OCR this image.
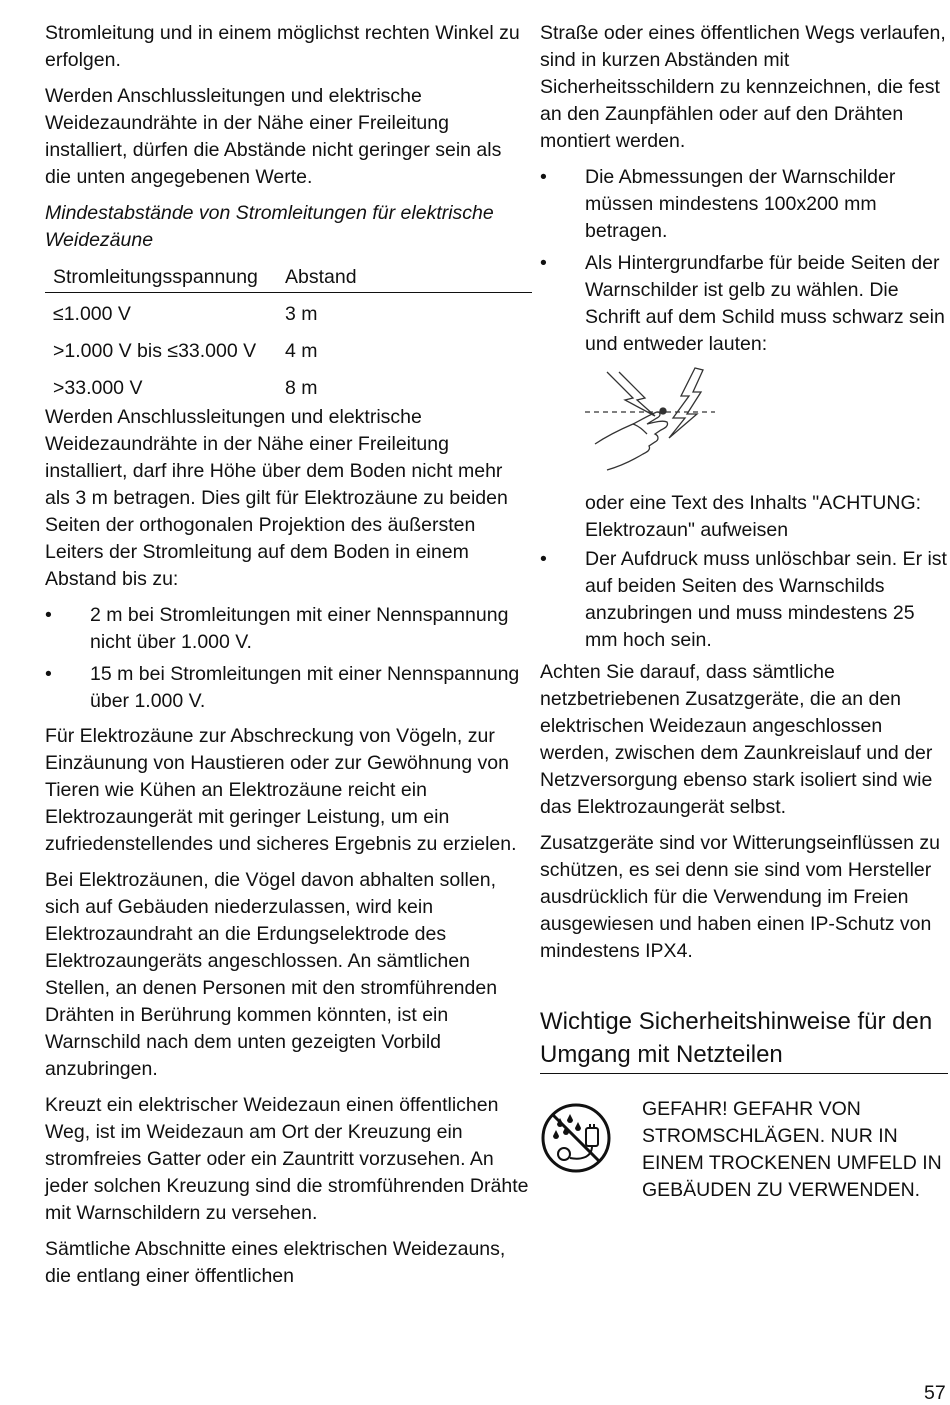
Stromleitung und in einem möglichst rechten Winkel zu erfolgen.

Werden Anschlussleitungen und elektrische Weidezaundrähte in der Nähe einer Freileitung installiert, dürfen die Abstände nicht geringer sein als die unten angegebenen Werte.

Mindestabstände von Stromleitungen für elektrische Weidezäune

Stromleitungsspannung	Abstand
≤1.000 V	3 m
>1.000 V bis ≤33.000 V	4 m
>33.000 V	8 m

Werden Anschlussleitungen und elektrische Weidezaundrähte in der Nähe einer Freileitung installiert, darf ihre Höhe über dem Boden nicht mehr als 3 m betragen. Dies gilt für Elektrozäune zu beiden Seiten der orthogonalen Projektion des äußersten Leiters der Stromleitung auf dem Boden in einem Abstand bis zu:

• 2 m bei Stromleitungen mit einer Nennspannung nicht über 1.000 V.
• 15 m bei Stromleitungen mit einer Nennspannung über 1.000 V.

Für Elektrozäune zur Abschreckung von Vögeln, zur Einzäunung von Haustieren oder zur Gewöhnung von Tieren wie Kühen an Elektrozäune reicht ein Elektrozaungerät mit geringer Leistung, um ein zufriedenstellendes und sicheres Ergebnis zu erzielen.

Bei Elektrozäunen, die Vögel davon abhalten sollen, sich auf Gebäuden niederzulassen, wird kein Elektrozaundraht an die Erdungselektrode des Elektrozaungeräts angeschlossen. An sämtlichen Stellen, an denen Personen mit den stromführenden Drähten in Berührung kommen könnten, ist ein Warnschild nach dem unten gezeigten Vorbild anzubringen.

Kreuzt ein elektrischer Weidezaun einen öffentlichen Weg, ist im Weidezaun am Ort der Kreuzung ein stromfreies Gatter oder ein Zauntritt vorzusehen. An jeder solchen Kreuzung sind die stromführenden Drähte mit Warnschildern zu versehen.

Sämtliche Abschnitte eines elektrischen Weidezauns, die entlang einer öffentlichen

Straße oder eines öffentlichen Wegs verlaufen, sind in kurzen Abständen mit Sicherheitsschildern zu kennzeichnen, die fest an den Zaunpfählen oder auf den Drähten montiert werden.

• Die Abmessungen der Warnschilder müssen mindestens 100x200 mm betragen.
• Als Hintergrundfarbe für beide Seiten der Warnschilder ist gelb zu wählen. Die Schrift auf dem Schild muss schwarz sein und entweder lauten:
oder eine Text des Inhalts "ACHTUNG: Elektrozaun" aufweisen
• Der Aufdruck muss unlöschbar sein. Er ist auf beiden Seiten des Warnschilds anzubringen und muss mindestens 25 mm hoch sein.

Achten Sie darauf, dass sämtliche netzbetriebenen Zusatzgeräte, die an den elektrischen Weidezaun angeschlossen werden, zwischen dem Zaunkreislauf und der Netzversorgung ebenso stark isoliert sind wie das Elektrozaungerät selbst.

Zusatzgeräte sind vor Witterungseinflüssen zu schützen, es sei denn sie sind vom Hersteller ausdrücklich für die Verwendung im Freien ausgewiesen und haben einen IP-Schutz von mindestens IPX4.

Wichtige Sicherheitshinweise für den Umgang mit Netzteilen
GEFAHR! GEFAHR VON STROMSCHLÄGEN. NUR IN EINEM TROCKENEN UMFELD IN GEBÄUDEN ZU VERWENDEN.
57
